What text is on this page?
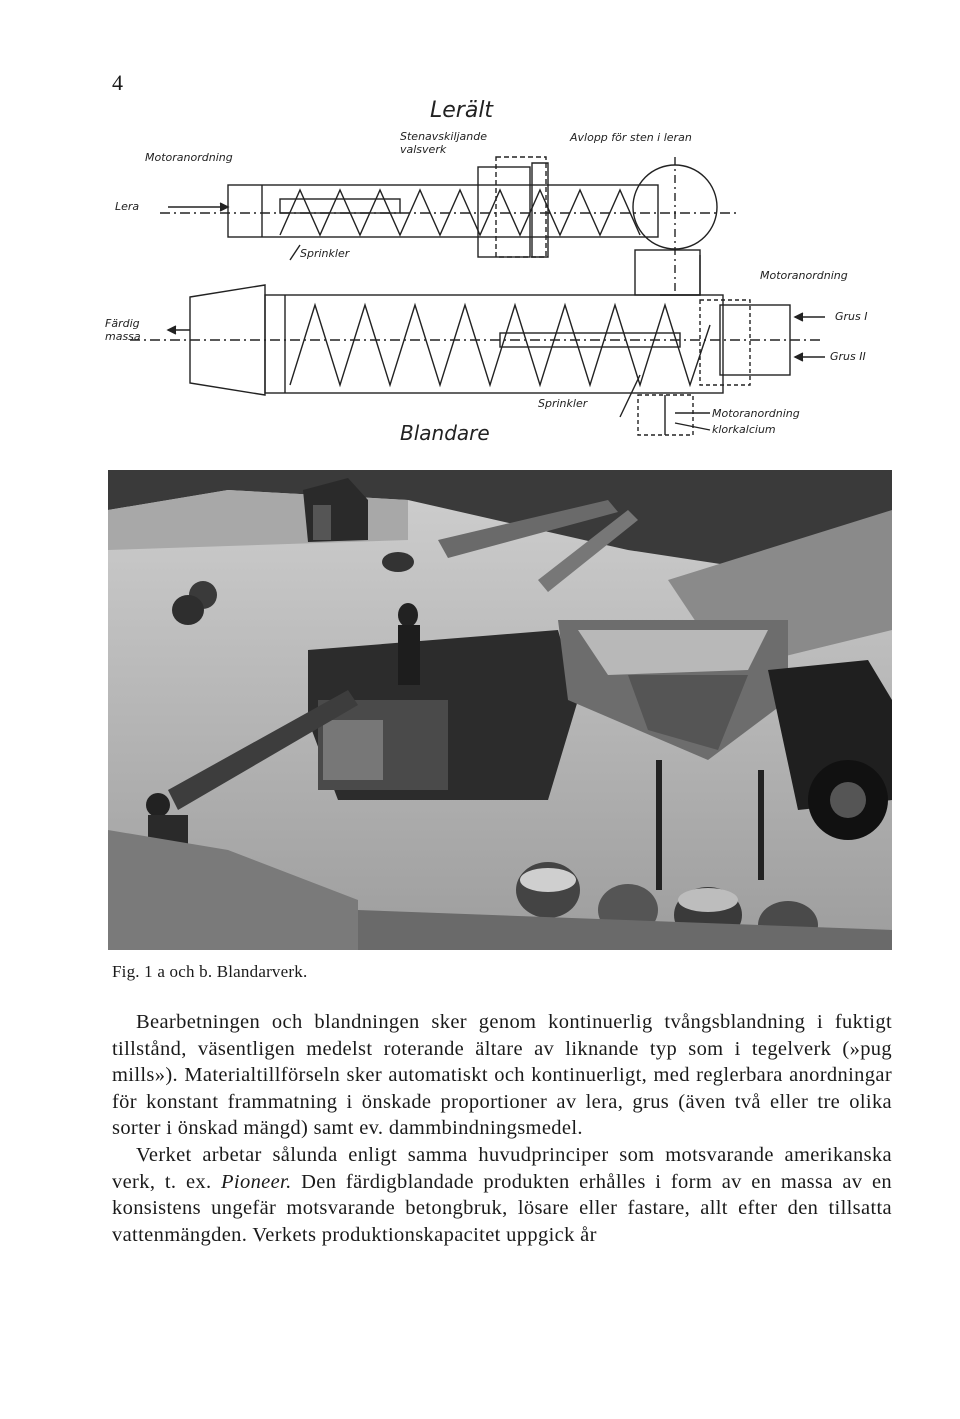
4
Lerält
Motoranordning
Stenavskiljande valsverk
Avlopp för sten i leran
Lera
Sprinkler
Motoranordning
Färdig massa
Grus I
Grus II
Blandare
Sprinkler
Motoranordning
klorkalcium
Fig. 1 a och b. Blandarverk.

Bearbetningen och blandningen sker genom kontinuerlig tvångsblandning i fuktigt tillstånd, väsentligen medelst roterande ältare av liknande typ som i tegelverk (»pug mills»). Materialtillförseln sker automatiskt och kontinuerligt, med reglerbara anordningar för konstant frammatning i önskade proportioner av lera, grus (även två eller tre olika sorter i önskad mängd) samt ev. dammbindningsmedel.

Verket arbetar sålunda enligt samma huvudprinciper som motsvarande amerikanska verk, t. ex. Pioneer. Den färdigblandade produkten erhålles i form av en massa av en konsistens ungefär motsvarande betongbruk, lösare eller fastare, allt efter den tillsatta vattenmängden. Verkets produktionskapacitet uppgick år
